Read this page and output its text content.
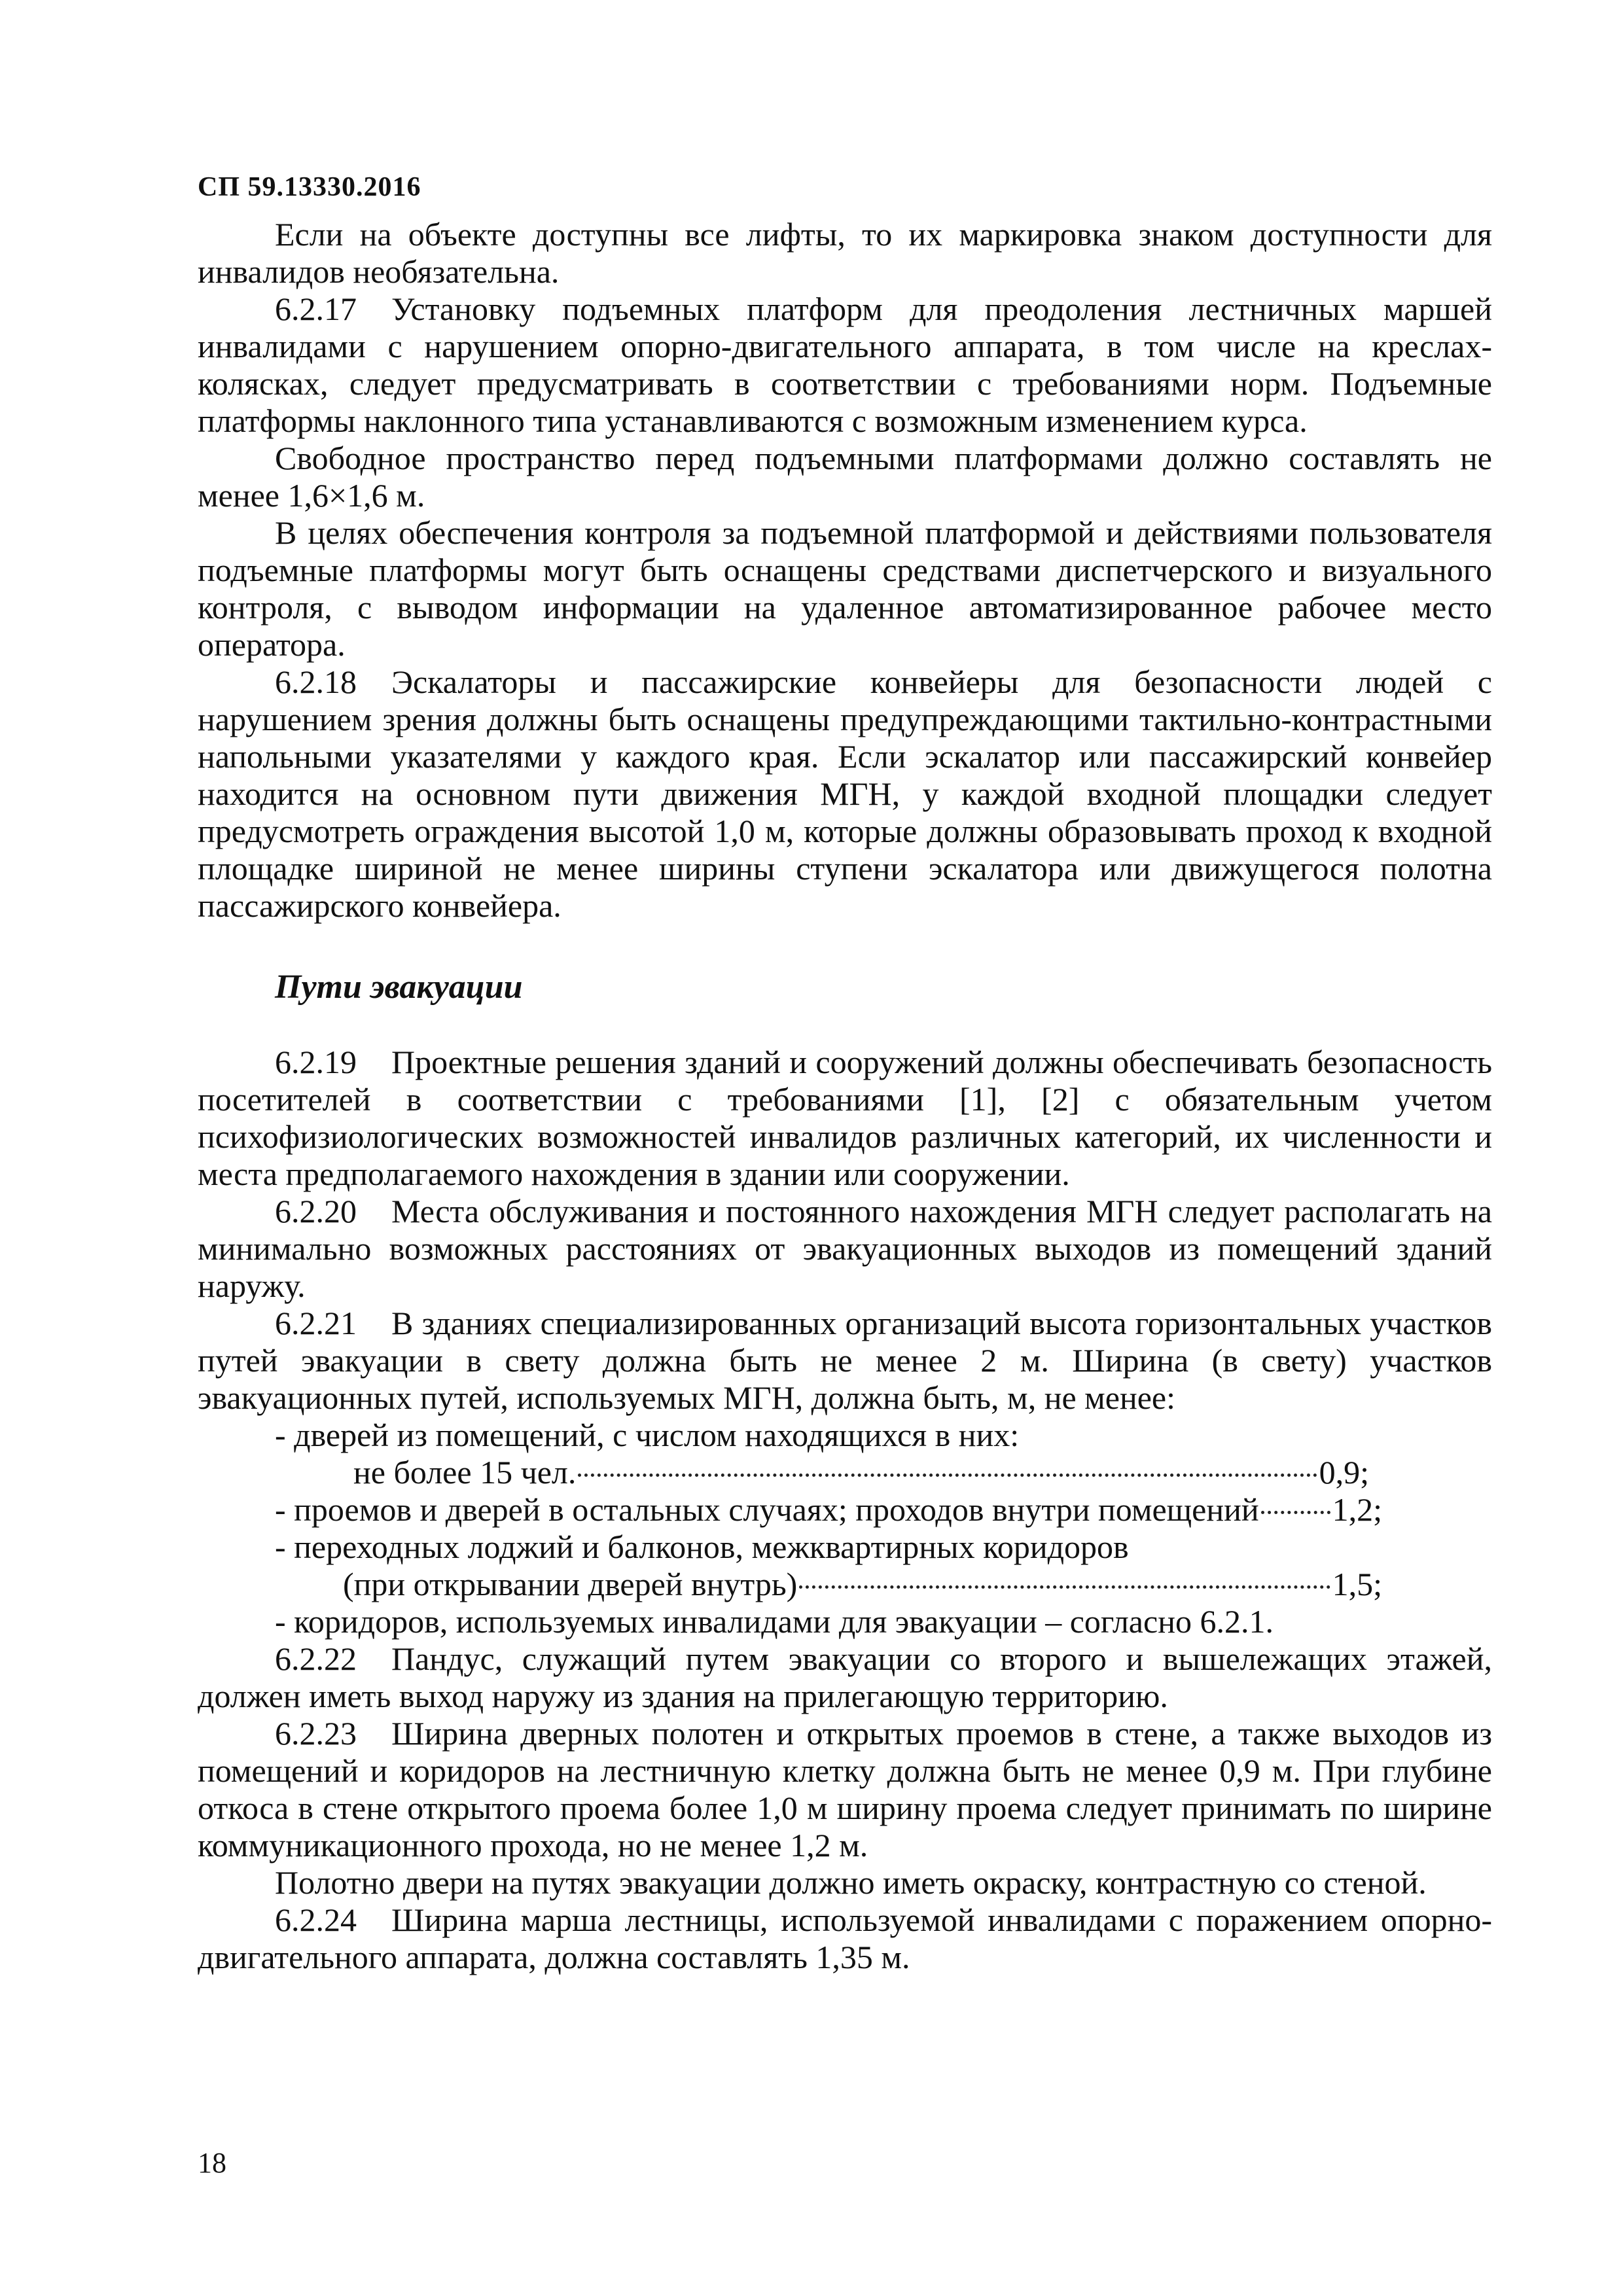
СП 59.13330.2016

Если на объекте доступны все лифты, то их маркировка знаком доступности для инвалидов необязательна.

6.2.17 Установку подъемных платформ для преодоления лестничных маршей инвалидами с нарушением опорно-двигательного аппарата, в том числе на креслах-колясках, следует предусматривать в соответствии с требованиями норм. Подъемные платформы наклонного типа устанавливаются с возможным изменением курса.

Свободное пространство перед подъемными платформами должно составлять не менее 1,6×1,6 м.

В целях обеспечения контроля за подъемной платформой и действиями пользователя подъемные платформы могут быть оснащены средствами диспетчерского и визуального контроля, с выводом информации на удаленное автоматизированное рабочее место оператора.

6.2.18 Эскалаторы и пассажирские конвейеры для безопасности людей с нарушением зрения должны быть оснащены предупреждающими тактильно-контрастными напольными указателями у каждого края. Если эскалатор или пассажирский конвейер находится на основном пути движения МГН, у каждой входной площадки следует предусмотреть ограждения высотой 1,0 м, которые должны образовывать проход к входной площадке шириной не менее ширины ступени эскалатора или движущегося полотна пассажирского конвейера.

Пути эвакуации

6.2.19 Проектные решения зданий и сооружений должны обеспечивать безопасность посетителей в соответствии с требованиями [1], [2] с обязательным учетом психофизиологических возможностей инвалидов различных категорий, их численности и места предполагаемого нахождения в здании или сооружении.

6.2.20 Места обслуживания и постоянного нахождения МГН следует располагать на минимально возможных расстояниях от эвакуационных выходов из помещений зданий наружу.

6.2.21 В зданиях специализированных организаций высота горизонтальных участков путей эвакуации в свету должна быть не менее 2 м. Ширина (в свету) участков эвакуационных путей, используемых МГН, должна быть, м, не менее:

- дверей из помещений, с числом находящихся в них:
не более 15 чел.	0,9;
- проемов и дверей в остальных случаях; проходов внутри помещений 1,2;
- переходных лоджий и балконов, межквартирных коридоров
(при открывании дверей внутрь)	1,5;
- коридоров, используемых инвалидами для эвакуации – согласно 6.2.1.

6.2.22 Пандус, служащий путем эвакуации со второго и вышележащих этажей, должен иметь выход наружу из здания на прилегающую территорию.

6.2.23 Ширина дверных полотен и открытых проемов в стене, а также выходов из помещений и коридоров на лестничную клетку должна быть не менее 0,9 м. При глубине откоса в стене открытого проема более 1,0 м ширину проема следует принимать по ширине коммуникационного прохода, но не менее 1,2 м.

Полотно двери на путях эвакуации должно иметь окраску, контрастную со стеной.

6.2.24 Ширина марша лестницы, используемой инвалидами с поражением опорно-двигательного аппарата, должна составлять 1,35 м.

18
